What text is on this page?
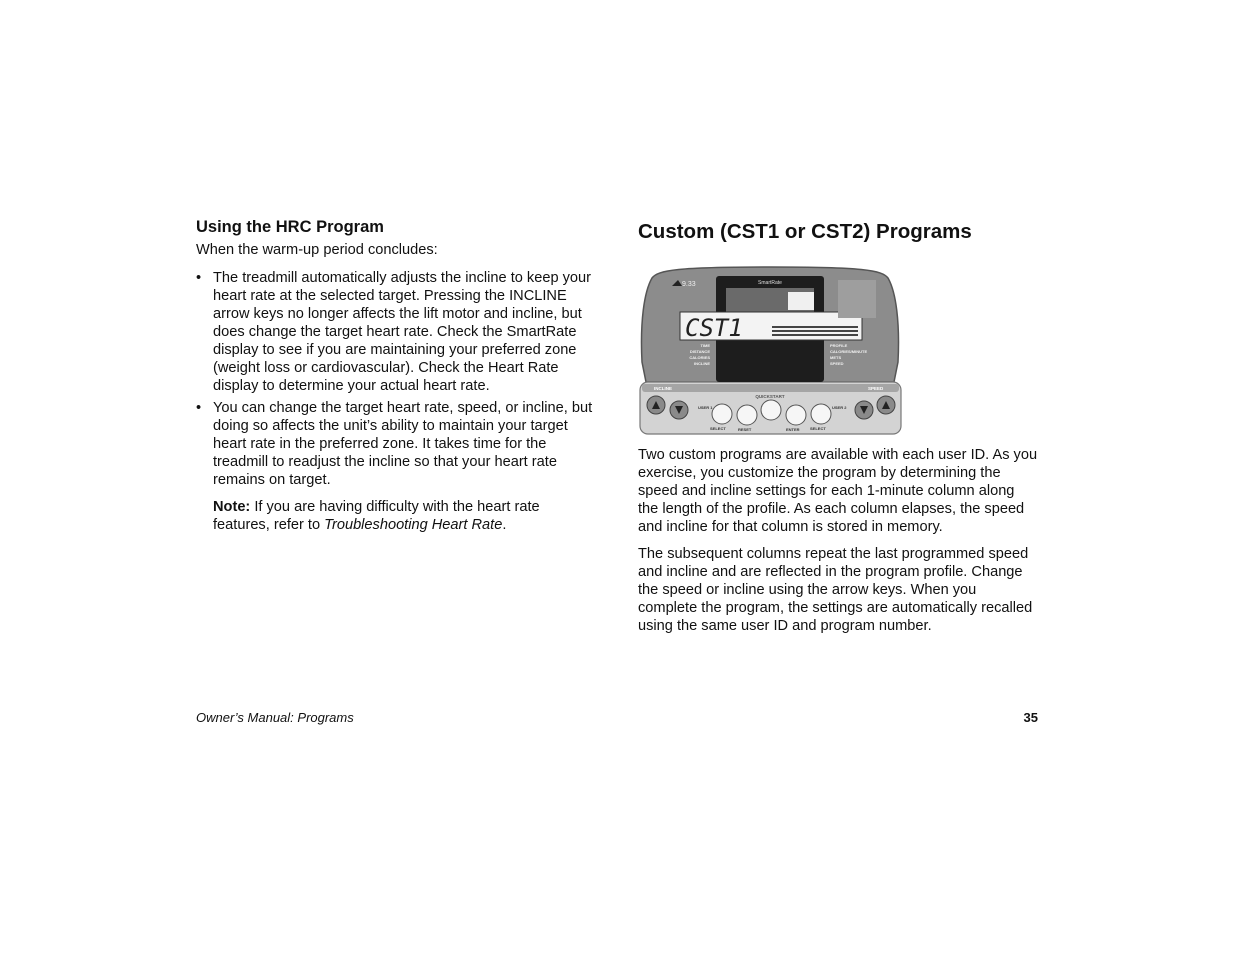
Using the HRC Program

When the warm-up period concludes:

• The treadmill automatically adjusts the incline to keep your heart rate at the selected target. Pressing the INCLINE arrow keys no longer affects the lift motor and incline, but does change the target heart rate. Check the SmartRate display to see if you are maintaining your preferred zone (weight loss or cardiovascular). Check the Heart Rate display to determine your actual heart rate.
• You can change the target heart rate, speed, or incline, but doing so affects the unit’s ability to maintain your target heart rate in the preferred zone. It takes time for the treadmill to readjust the incline so that your heart rate remains on target.

Note: If you are having difficulty with the heart rate features, refer to Troubleshooting Heart Rate.

Custom (CST1 or CST2) Programs
SmartRate
CST1
9.33
TIME
DISTANCE
CALORIES
INCLINE
PROFILE
CALORIES/MINUTE
METS
SPEED
INCLINE	SPEED
QUICKSTART
USER 1	USER 2
SELECT	RESET	ENTER	SELECT

Two custom programs are available with each user ID. As you exercise, you customize the program by determining the speed and incline settings for each 1-minute column along the length of the profile. As each column elapses, the speed and incline for that column is stored in memory.

The subsequent columns repeat the last programmed speed and incline and are reflected in the program profile. Change the speed or incline using the arrow keys. When you complete the program, the settings are automatically recalled using the same user ID and program number.

Owner’s Manual: Programs	35
